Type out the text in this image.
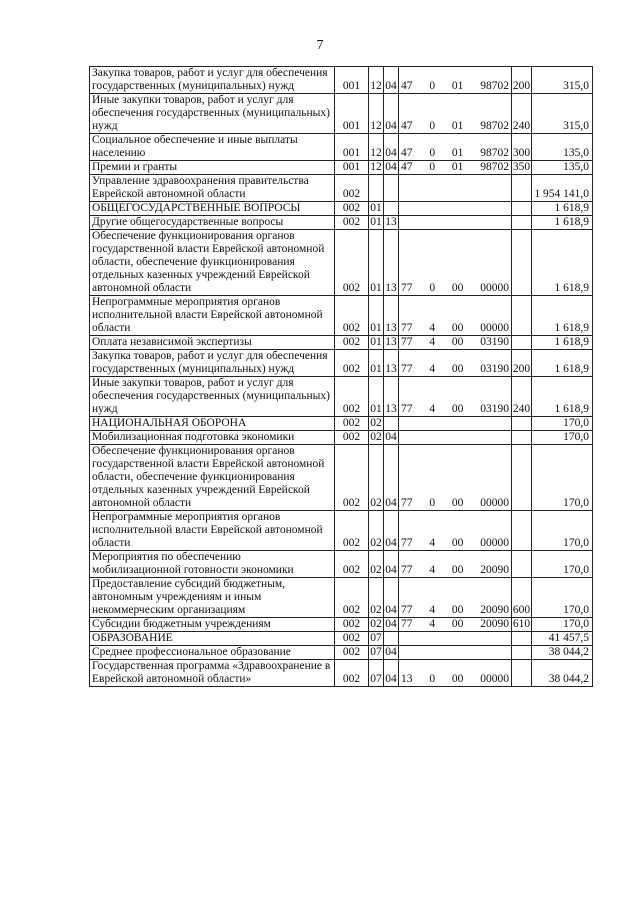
7
Закупка товаров, работ и услуг для обеспечения государственных (муниципальных) нужд	001	12	04	47 0 01 98702	200	315,0
Иные закупки товаров, работ и услуг для обеспечения государственных (муниципальных) нужд	001	12	04	47 0 01 98702	240	315,0
Социальное обеспечение и иные выплаты населению	001	12	04	47 0 01 98702	300	135,0
Премии и гранты	001	12	04	47 0 01 98702	350	135,0
Управление здравоохранения правительства Еврейской автономной области	002					1 954 141,0
ОБЩЕГОСУДАРСТВЕННЫЕ ВОПРОСЫ	002	01				1 618,9
Другие общегосударственные вопросы	002	01	13			1 618,9
Обеспечение функционирования органов государственной власти Еврейской автономной области, обеспечение функционирования отдельных казенных учреждений Еврейской автономной области	002	01	13	77 0 00 00000		1 618,9
Непрограммные мероприятия органов исполнительной власти Еврейской автономной области	002	01	13	77 4 00 00000		1 618,9
Оплата независимой экспертизы	002	01	13	77 4 00 03190		1 618,9
Закупка товаров, работ и услуг для обеспечения государственных (муниципальных) нужд	002	01	13	77 4 00 03190	200	1 618,9
Иные закупки товаров, работ и услуг для обеспечения государственных (муниципальных) нужд	002	01	13	77 4 00 03190	240	1 618,9
НАЦИОНАЛЬНАЯ ОБОРОНА	002	02				170,0
Мобилизационная подготовка экономики	002	02	04			170,0
Обеспечение функционирования органов государственной власти Еврейской автономной области, обеспечение функционирования отдельных казенных учреждений Еврейской автономной области	002	02	04	77 0 00 00000		170,0
Непрограммные мероприятия органов исполнительной власти Еврейской автономной области	002	02	04	77 4 00 00000		170,0
Мероприятия по обеспечению мобилизационной готовности экономики	002	02	04	77 4 00 20090		170,0
Предоставление субсидий бюджетным, автономным учреждениям и иным некоммерческим организациям	002	02	04	77 4 00 20090	600	170,0
Субсидии бюджетным учреждениям	002	02	04	77 4 00 20090	610	170,0
ОБРАЗОВАНИЕ	002	07				41 457,5
Среднее профессиональное образование	002	07	04			38 044,2
Государственная программа «Здравоохранение в Еврейской автономной области»	002	07	04	13 0 00 00000		38 044,2
